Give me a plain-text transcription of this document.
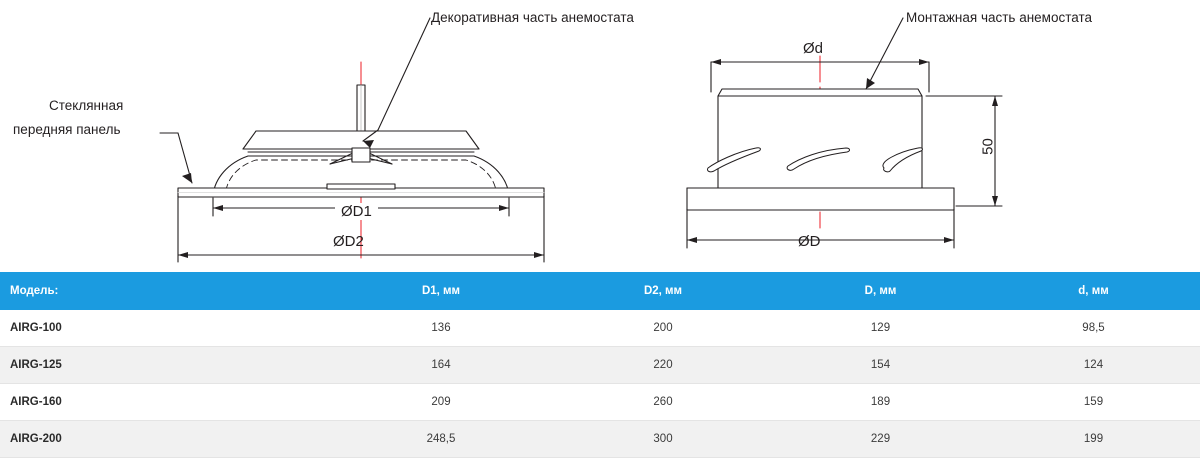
Декоративная часть анемостата	Монтажная часть анемостата
Стеклянная
передняя панель
ØD1
ØD2
Ød
ØD
50
Модель:	D1, мм	D2, мм	D, мм	d, мм
AIRG-100	136	200	129	98,5
AIRG-125	164	220	154	124
AIRG-160	209	260	189	159
AIRG-200	248,5	300	229	199
